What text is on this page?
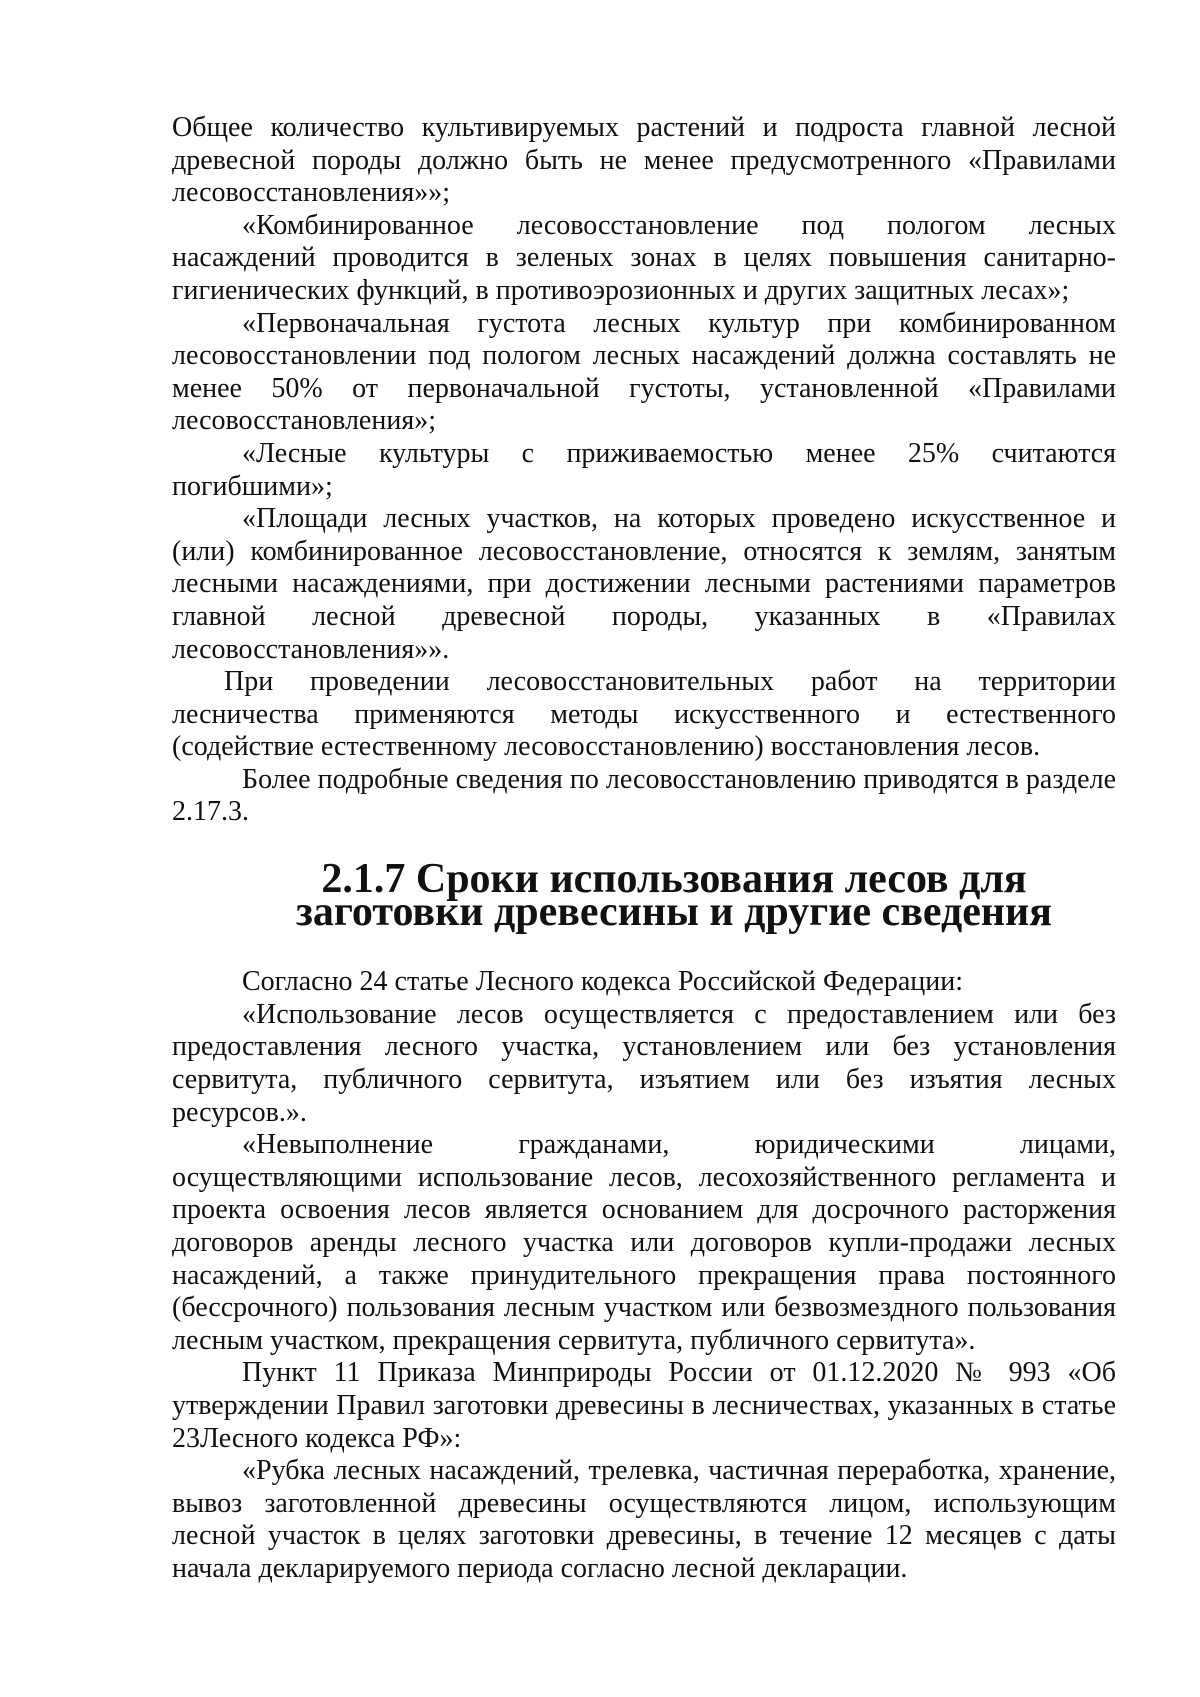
Общее количество культивируемых растений и подроста главной лесной древесной породы должно быть не менее предусмотренного «Правилами лесовосстановления»»;

«Комбинированное лесовосстановление под пологом лесных насаждений проводится в зеленых зонах в целях повышения санитарно-гигиенических функций, в противоэрозионных и других защитных лесах»;

«Первоначальная густота лесных культур при комбинированном лесовосстановлении под пологом лесных насаждений должна составлять не менее 50% от первоначальной густоты, установленной «Правилами лесовосстановления»;

«Лесные культуры с приживаемостью менее 25% считаются погибшими»;

«Площади лесных участков, на которых проведено искусственное и (или) комбинированное лесовосстановление, относятся к землям, занятым лесными насаждениями, при достижении лесными растениями параметров главной лесной древесной породы, указанных в «Правилах лесовосстановления»».

При проведении лесовосстановительных работ на территории лесничества применяются методы искусственного и естественного (содействие естественному лесовосстановлению) восстановления лесов.

Более подробные сведения по лесовосстановлению приводятся в разделе 2.17.3.

2.1.7 Сроки использования лесов для заготовки древесины и другие сведения

Согласно 24 статье Лесного кодекса Российской Федерации:

«Использование лесов осуществляется с предоставлением или без предоставления лесного участка, установлением или без установления сервитута, публичного сервитута, изъятием или без изъятия лесных ресурсов.».

«Невыполнение гражданами, юридическими лицами, осуществляющими использование лесов, лесохозяйственного регламента и проекта освоения лесов является основанием для досрочного расторжения договоров аренды лесного участка или договоров купли-продажи лесных насаждений, а также принудительного прекращения права постоянного (бессрочного) пользования лесным участком или безвозмездного пользования лесным участком, прекращения сервитута, публичного сервитута».

Пункт 11 Приказа Минприроды России от 01.12.2020 № 993 «Об утверждении Правил заготовки древесины в лесничествах, указанных в статье 23Лесного кодекса РФ»:

«Рубка лесных насаждений, трелевка, частичная переработка, хранение, вывоз заготовленной древесины осуществляются лицом, использующим лесной участок в целях заготовки древесины, в течение 12 месяцев с даты начала декларируемого периода согласно лесной декларации.
